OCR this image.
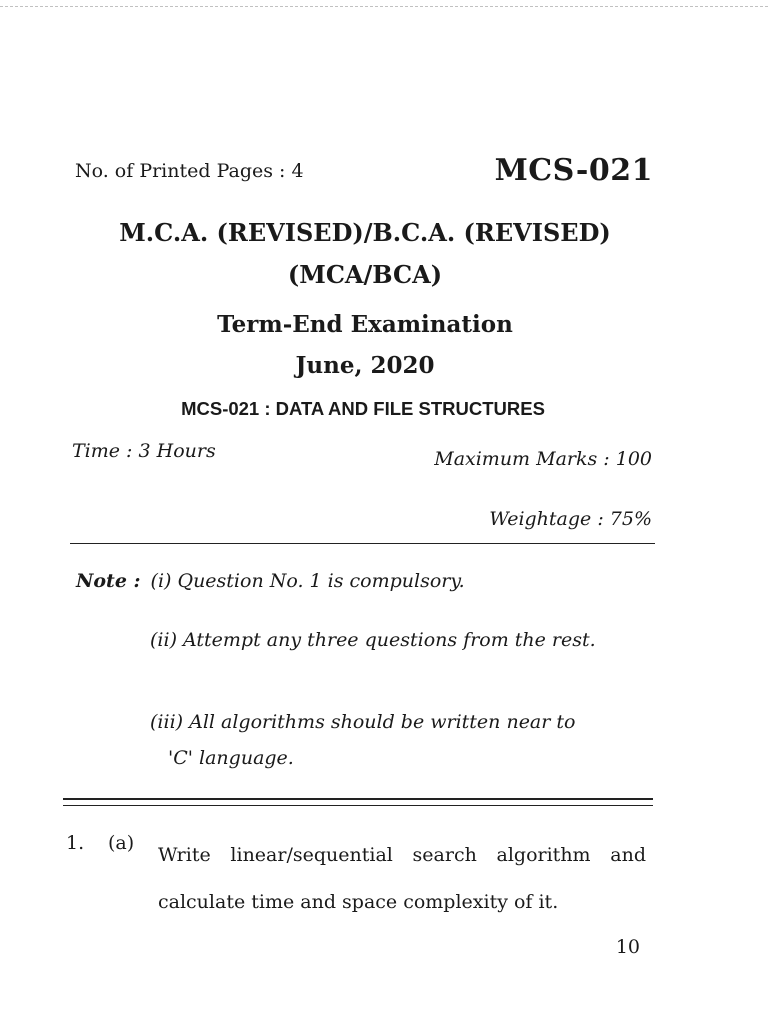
No. of Printed Pages : 4	MCS-021
M.C.A. (REVISED)/B.C.A. (REVISED)
(MCA/BCA)
Term-End Examination
June, 2020
MCS-021 : DATA AND FILE STRUCTURES
Time : 3 Hours	Maximum Marks : 100
Weightage : 75%
Note : (i) Question No. 1 is compulsory.
(ii) Attempt any three questions from the rest.
(iii) All algorithms should be written near to
'C' language.
1. (a)
Write linear/sequential search algorithm and calculate time and space complexity of it.
10
